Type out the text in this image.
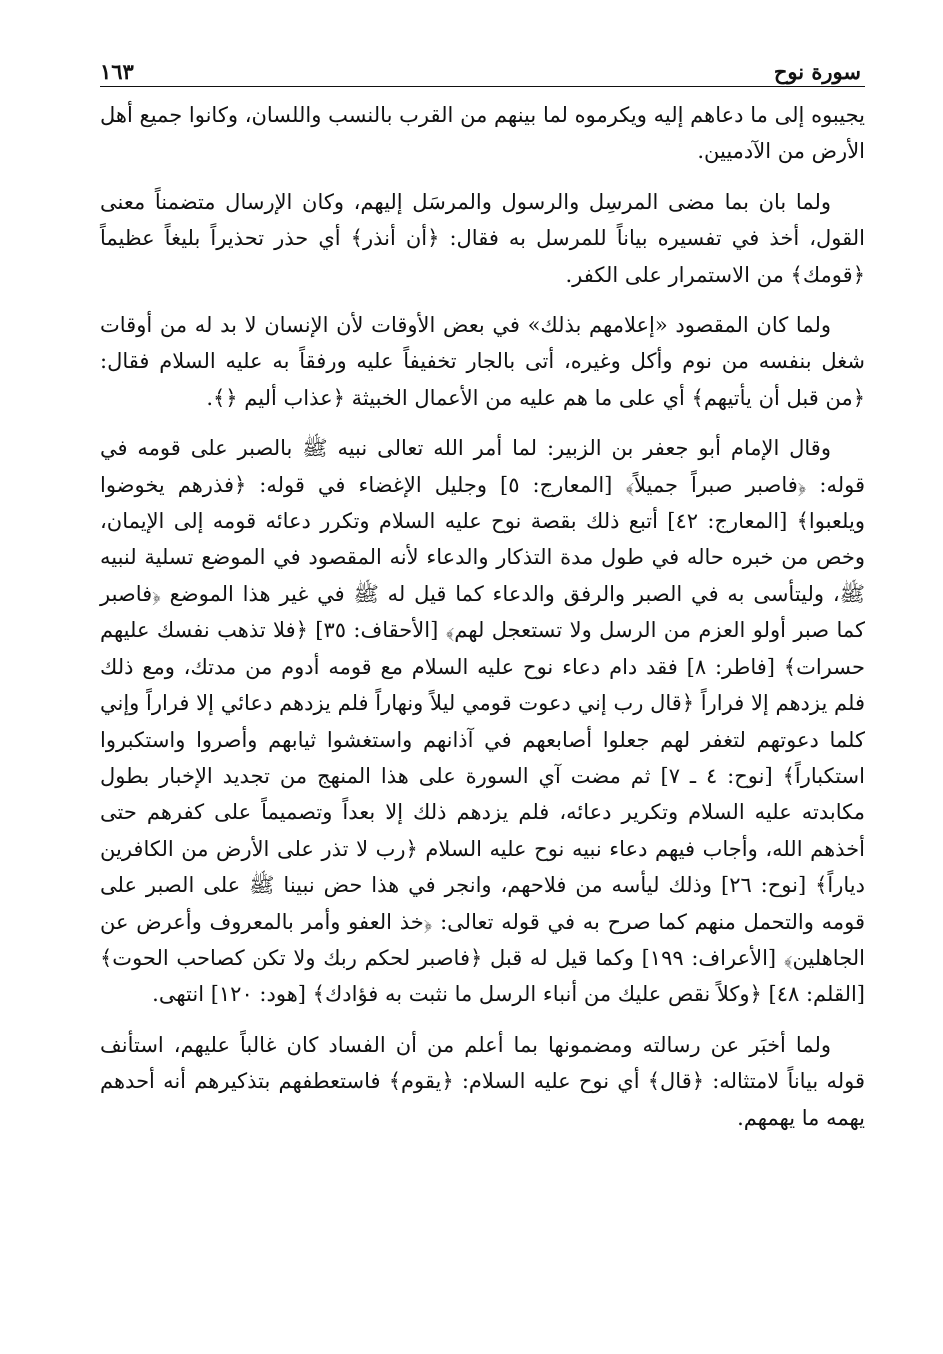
سورة نوح
١٦٣

يجيبوه إلى ما دعاهم إليه ويكرموه لما بينهم من القرب بالنسب واللسان، وكانوا جميع أهل الأرض من الآدميين.

ولما بان بما مضى المرسِل والرسول والمرسَل إليهم، وكان الإرسال متضمناً معنى القول، أخذ في تفسيره بياناً للمرسل به فقال: ﴿أن أنذر﴾ أي حذر تحذيراً بليغاً عظيماً ﴿قومك﴾ من الاستمرار على الكفر.

ولما كان المقصود «إعلامهم بذلك» في بعض الأوقات لأن الإنسان لا بد له من أوقات شغل بنفسه من نوم وأكل وغيره، أتى بالجار تخفيفاً عليه ورفقاً به عليه السلام فقال: ﴿من قبل أن يأتيهم﴾ أي على ما هم عليه من الأعمال الخبيثة ﴿عذاب أليم ﴿﴾.

وقال الإمام أبو جعفر بن الزبير: لما أمر الله تعالى نبيه ﷺ بالصبر على قومه في قوله: ﴿فاصبر صبراً جميلاً﴾ [المعارج: ٥] وجليل الإغضاء في قوله: ﴿فذرهم يخوضوا ويلعبوا﴾ [المعارج: ٤٢] أتبع ذلك بقصة نوح عليه السلام وتكرر دعائه قومه إلى الإيمان، وخص من خبره حاله في طول مدة التذكار والدعاء لأنه المقصود في الموضع تسلية لنبيه ﷺ، وليتأسى به في الصبر والرفق والدعاء كما قيل له ﷺ في غير هذا الموضع ﴿فاصبر كما صبر أولو العزم من الرسل ولا تستعجل لهم﴾ [الأحقاف: ٣٥] ﴿فلا تذهب نفسك عليهم حسرات﴾ [فاطر: ٨] فقد دام دعاء نوح عليه السلام مع قومه أدوم من مدتك، ومع ذلك فلم يزدهم إلا فراراً ﴿قال رب إني دعوت قومي ليلاً ونهاراً فلم يزدهم دعائي إلا فراراً وإني كلما دعوتهم لتغفر لهم جعلوا أصابعهم في آذانهم واستغشوا ثيابهم وأصروا واستكبروا استكباراً﴾ [نوح: ٤ ـ ٧] ثم مضت آي السورة على هذا المنهج من تجديد الإخبار بطول مكابدته عليه السلام وتكرير دعائه، فلم يزدهم ذلك إلا بعداً وتصميماً على كفرهم حتى أخذهم الله، وأجاب فيهم دعاء نبيه نوح عليه السلام ﴿رب لا تذر على الأرض من الكافرين دياراً﴾ [نوح: ٢٦] وذلك ليأسه من فلاحهم، وانجر في هذا حض نبينا ﷺ على الصبر على قومه والتحمل منهم كما صرح به في قوله تعالى: ﴿خذ العفو وأمر بالمعروف وأعرض عن الجاهلين﴾ [الأعراف: ١٩٩] وكما قيل له قبل ﴿فاصبر لحكم ربك ولا تكن كصاحب الحوت﴾ [القلم: ٤٨] ﴿وكلاً نقص عليك من أنباء الرسل ما نثبت به فؤادك﴾ [هود: ١٢٠] انتهى.

ولما أخبَر عن رسالته ومضمونها بما أعلم من أن الفساد كان غالباً عليهم، استأنف قوله بياناً لامتثاله: ﴿قال﴾ أي نوح عليه السلام: ﴿يقوم﴾ فاستعطفهم بتذكيرهم أنه أحدهم يهمه ما يهمهم.
